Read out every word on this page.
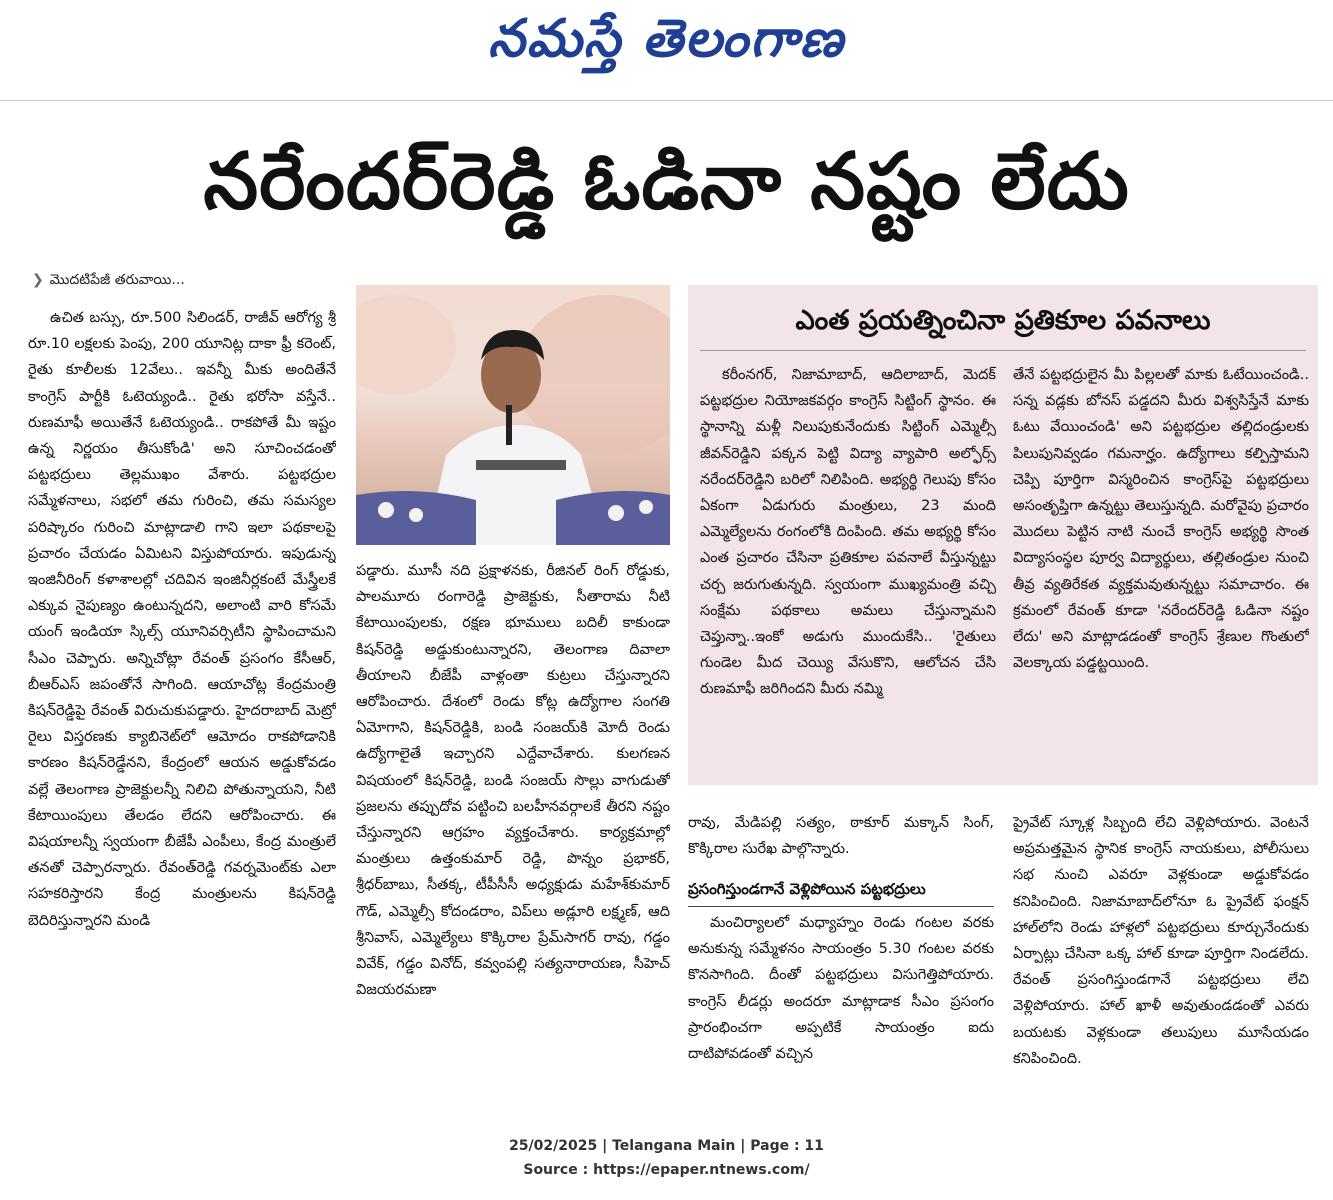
నమస్తే తెలంగాణ
నరేందర్‌రెడ్డి ఓడినా నష్టం లేదు
❯ మొదటిపేజీ తరువాయి...

ఉచిత బస్సు, రూ.500 సిలిండర్, రాజీవ్ ఆరోగ్య శ్రీ రూ.10 లక్షలకు పెంపు, 200 యూనిట్ల దాకా ఫ్రీ కరెంట్, రైతు కూలీలకు 12వేలు.. ఇవన్నీ మీకు అందితేనే కాంగ్రెస్ పార్టీకి ఓటెయ్యండి.. రైతు భరోసా వస్తేనే.. రుణమాఫీ అయితేనే ఓటెయ్యండి.. రాకపోతే మీ ఇష్టం ఉన్న నిర్ణయం తీసుకోండి' అని సూచించడంతో పట్టభద్రులు తెల్లముఖం వేశారు. పట్టభద్రుల సమ్మేళనాలు, సభలో తమ గురించి, తమ సమస్యల పరిష్కారం గురించి మాట్లాడాలి గాని ఇలా పథకాలపై ప్రచారం చేయడం ఏమిటని విస్తుపోయారు. ఇపుడున్న ఇంజినీరింగ్ కళాశాలల్లో చదివిన ఇంజినీర్లకంటే మేస్త్రీలకే ఎక్కువ నైపుణ్యం ఉంటున్నదని, అలాంటి వారి కోసమే యంగ్ ఇండియా స్కిల్స్ యూనివర్సిటీని స్థాపించామని సీఎం చెప్పారు. అన్నిచోట్లా రేవంత్ ప్రసంగం కేసీఆర్, బీఆర్‌ఎస్ జపంతోనే సాగింది. ఆయాచోట్ల కేంద్రమంత్రి కిషన్‌రెడ్డిపై రేవంత్ విరుచుకుపడ్డారు. హైదరాబాద్ మెట్రో రైలు విస్తరణకు క్యాబినెట్‌లో ఆమోదం రాకపోడానికి కారణం కిషన్‌రెడ్డేనని, కేంద్రంలో ఆయన అడ్డుకోవడం వల్లే తెలంగాణ ప్రాజెక్టులన్నీ నిలిచి పోతున్నాయని, నీటి కేటాయింపులు తేలడం లేదని ఆరోపించారు. ఈ విషయాలన్నీ స్వయంగా బీజేపీ ఎంపీలు, కేంద్ర మంత్రులే తనతో చెప్పారన్నారు. రేవంత్‌రెడ్డి గవర్నమెంట్‌కు ఎలా సహకరిస్తారని కేంద్ర మంత్రులను కిషన్‌రెడ్డి బెదిరిస్తున్నారని మండి

పడ్డారు. మూసీ నది ప్రక్షాళనకు, రీజినల్ రింగ్ రోడ్డుకు, పాలమూరు రంగారెడ్డి ప్రాజెక్టుకు, సీతారామ నీటి కేటాయింపులకు, రక్షణ భూములు బదిలీ కాకుండా కిషన్‌రెడ్డి అడ్డుకుంటున్నారని, తెలంగాణ దివాలా తీయాలని బీజేపీ వాళ్లంతా కుట్రలు చేస్తున్నారని ఆరోపించారు. దేశంలో రెండు కోట్ల ఉద్యోగాల సంగతి ఏమోగాని, కిషన్‌రెడ్డికి, బండి సంజయ్‌కి మోదీ రెండు ఉద్యోగాలైతే ఇచ్చారని ఎద్దేవాచేశారు. కులగణన విషయంలో కిషన్‌రెడ్డి, బండి సంజయ్ సొల్లు వాగుడుతో ప్రజలను తప్పుదోవ పట్టించి బలహీనవర్గాలకే తీరని నష్టం చేస్తున్నారని ఆగ్రహం వ్యక్తంచేశారు. కార్యక్రమాల్లో మంత్రులు ఉత్తంకుమార్ రెడ్డి, పొన్నం ప్రభాకర్, శ్రీధర్‌బాబు, సీతక్క, టీపీసీసీ అధ్యక్షుడు మహేశ్‌కుమార్ గౌడ్, ఎమ్మెల్సీ కోదండరాం, విప్‌లు అడ్లూరి లక్ష్మణ్, ఆది శ్రీనివాస్, ఎమ్మెల్యేలు కొక్కిరాల ప్రేమ్‌సాగర్ రావు, గడ్డం వివేక్, గడ్డం వినోద్, కవ్వంపల్లి సత్యనారాయణ, సీహెచ్ విజయరమణా

ఎంత ప్రయత్నించినా ప్రతికూల పవనాలు

కరీంనగర్, నిజామాబాద్, ఆదిలాబాద్, మెదక్ పట్టభద్రుల నియోజకవర్గం కాంగ్రెస్ సిట్టింగ్ స్థానం. ఈ స్థానాన్ని మళ్లీ నిలుపుకునేందుకు సిట్టింగ్ ఎమ్మెల్సీ జీవన్‌రెడ్డిని పక్కన పెట్టి విద్యా వ్యాపారి అల్ఫోర్స్ నరేందర్‌రెడ్డిని బరిలో నిలిపింది. అభ్యర్థి గెలుపు కోసం ఏకంగా ఏడుగురు మంత్రులు, 23 మంది ఎమ్మెల్యేలను రంగంలోకి దింపింది. తమ అభ్యర్థి కోసం ఎంత ప్రచారం చేసినా ప్రతికూల పవనాలే వీస్తున్నట్టు చర్చ జరుగుతున్నది. స్వయంగా ముఖ్యమంత్రి వచ్చి సంక్షేమ పథకాలు అమలు చేస్తున్నామని చెప్తున్నా..ఇంకో అడుగు ముందుకేసి.. 'రైతులు గుండెల మీద చెయ్యి వేసుకొని, ఆలోచన చేసి రుణమాఫీ జరిగిందని మీరు నమ్మి

తేనే పట్టభద్రులైన మీ పిల్లలతో మాకు ఓటేయించండి.. సన్న వడ్లకు బోనస్ పడ్డదని మీరు విశ్వసిస్తేనే మాకు ఓటు వేయించండి' అని పట్టభద్రుల తల్లిదండ్రులకు పిలుపునివ్వడం గమనార్హం. ఉద్యోగాలు కల్పిస్తామని చెప్పి పూర్తిగా విస్మరించిన కాంగ్రెస్‌పై పట్టభద్రులు అసంతృప్తిగా ఉన్నట్టు తెలుస్తున్నది. మరోవైపు ప్రచారం మొదలు పెట్టిన నాటి నుంచే కాంగ్రెస్ అభ్యర్థి సొంత విద్యాసంస్థల పూర్వ విద్యార్థులు, తల్లితండ్రుల నుంచి తీవ్ర వ్యతిరేకత వ్యక్తమవుతున్నట్టు సమాచారం. ఈ క్రమంలో రేవంత్ కూడా 'నరేందర్‌రెడ్డి ఓడినా నష్టం లేదు' అని మాట్లాడడంతో కాంగ్రెస్ శ్రేణుల గొంతులో వెలక్కాయ పడ్డట్టయింది.

రావు, మేడిపల్లి సత్యం, ఠాకూర్ మక్కాన్ సింగ్, కొక్కిరాల సురేఖ పాల్గొన్నారు.

ప్రసంగిస్తుండగానే వెళ్లిపోయిన పట్టభద్రులు

మంచిర్యాలలో మధ్యాహ్నం రెండు గంటల వరకు అనుకున్న సమ్మేళనం సాయంత్రం 5.30 గంటల వరకు కొనసాగింది. దీంతో పట్టభద్రులు విసుగెత్తిపోయారు. కాంగ్రెస్ లీడర్లు అందరూ మాట్లాడాక సీఎం ప్రసంగం ప్రారంభించగా అప్పటికే సాయంత్రం ఐదు దాటిపోవడంతో వచ్చిన

ప్రైవేట్ స్కూళ్ల సిబ్బంది లేచి వెళ్లిపోయారు. వెంటనే అప్రమత్తమైన స్థానిక కాంగ్రెస్ నాయకులు, పోలీసులు సభ నుంచి ఎవరూ వెళ్లకుండా అడ్డుకోవడం కనిపించింది. నిజామాబాద్‌లోనూ ఓ ప్రైవేట్ ఫంక్షన్ హాల్‌లోని రెండు హాళ్లలో పట్టభద్రులు కూర్చునేందుకు ఏర్పాట్లు చేసినా ఒక్క హాల్ కూడా పూర్తిగా నిండలేదు. రేవంత్ ప్రసంగిస్తుండగానే పట్టభద్రులు లేచి వెళ్లిపోయారు. హాల్ ఖాళీ అవుతుండడంతో ఎవరు బయటకు వెళ్లకుండా తలుపులు మూసేయడం కనిపించింది.

25/02/2025 | Telangana Main | Page : 11
Source : https://epaper.ntnews.com/
